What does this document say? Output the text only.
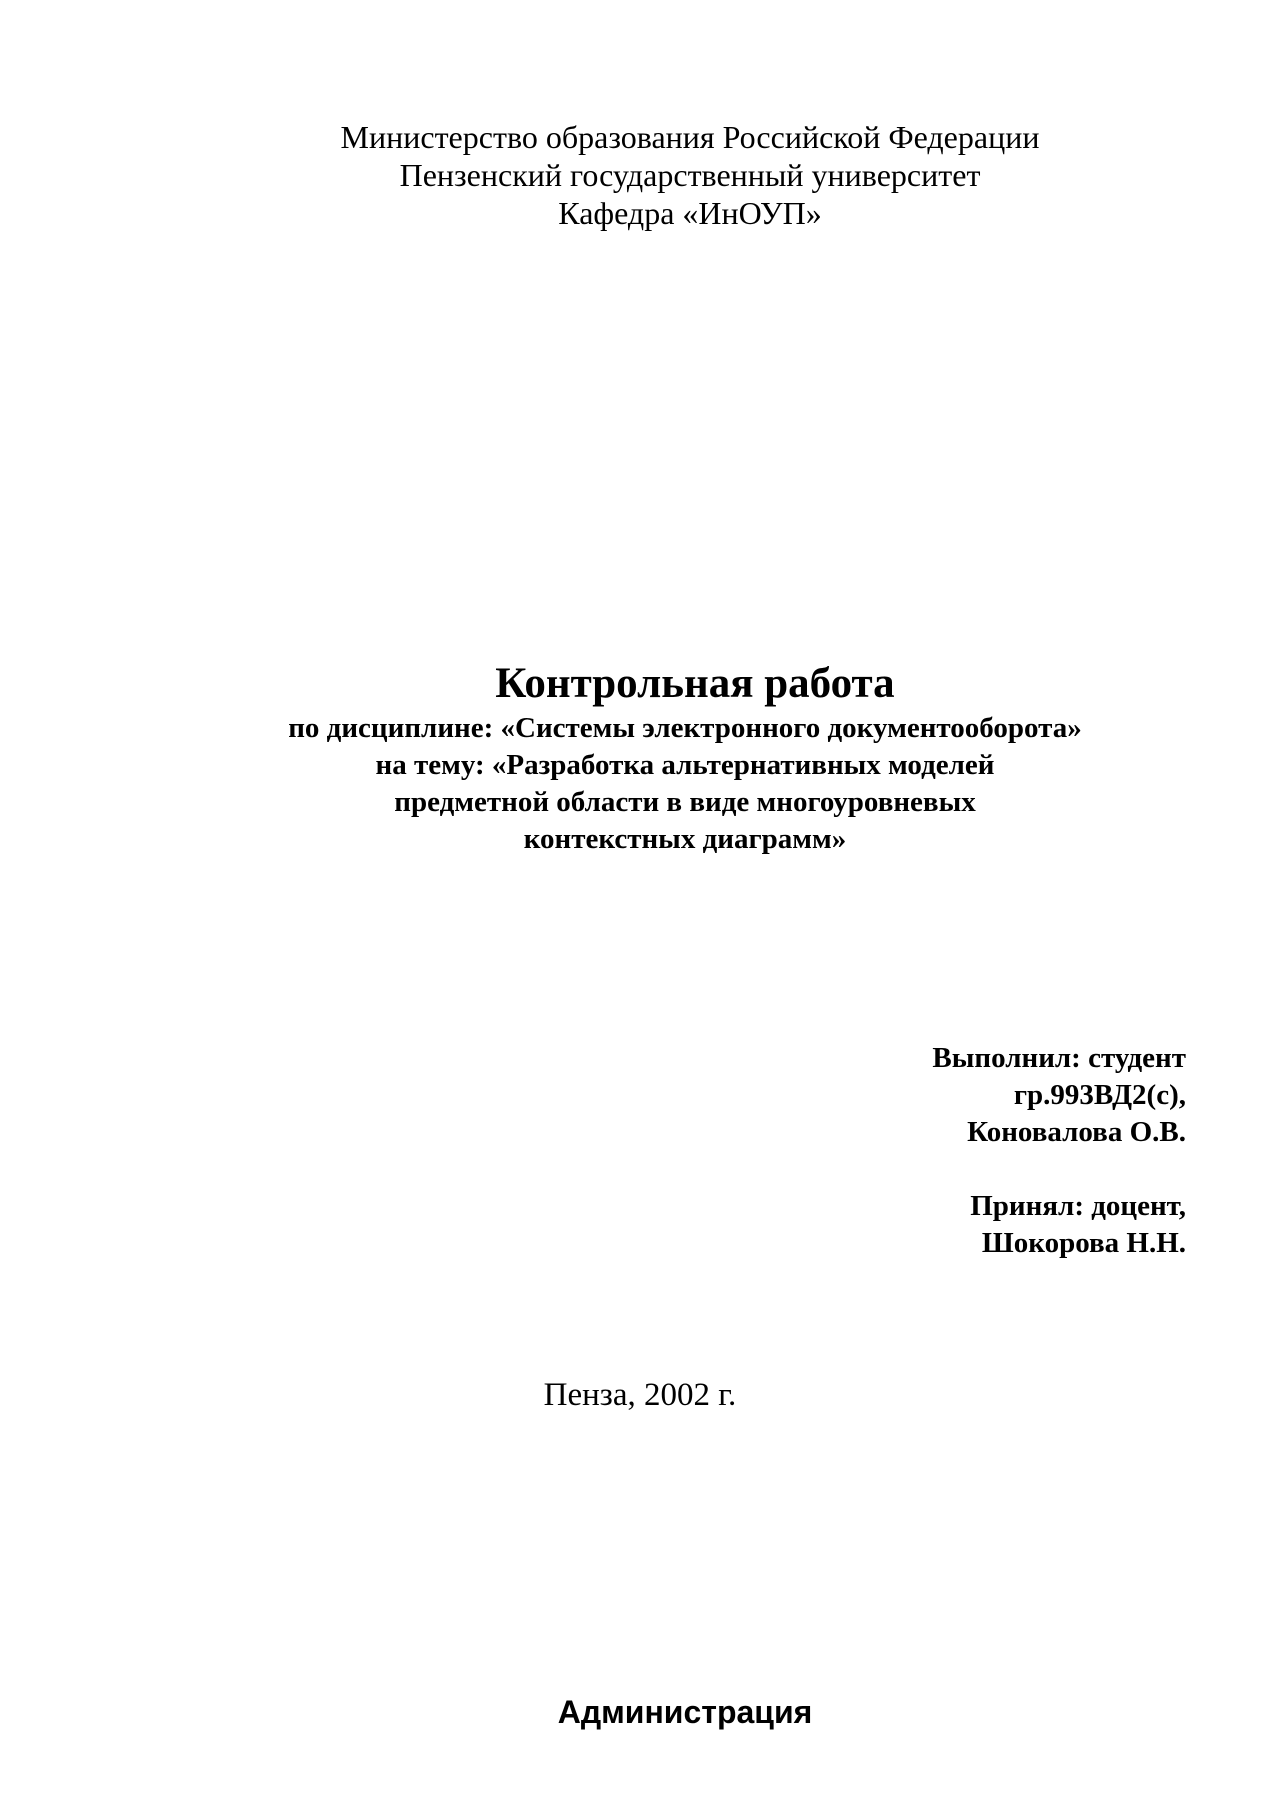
Министерство образования Российской Федерации
Пензенский государственный университет
Кафедра «ИнОУП»
Контрольная работа
по дисциплине: «Системы электронного документооборота»
на тему: «Разработка альтернативных моделей
предметной области в виде многоуровневых
контекстных диаграмм»
Выполнил: студент
гр.993ВД2(с),
Коновалова О.В.
Принял: доцент,
Шокорова Н.Н.
Пенза, 2002 г.
Администрация
